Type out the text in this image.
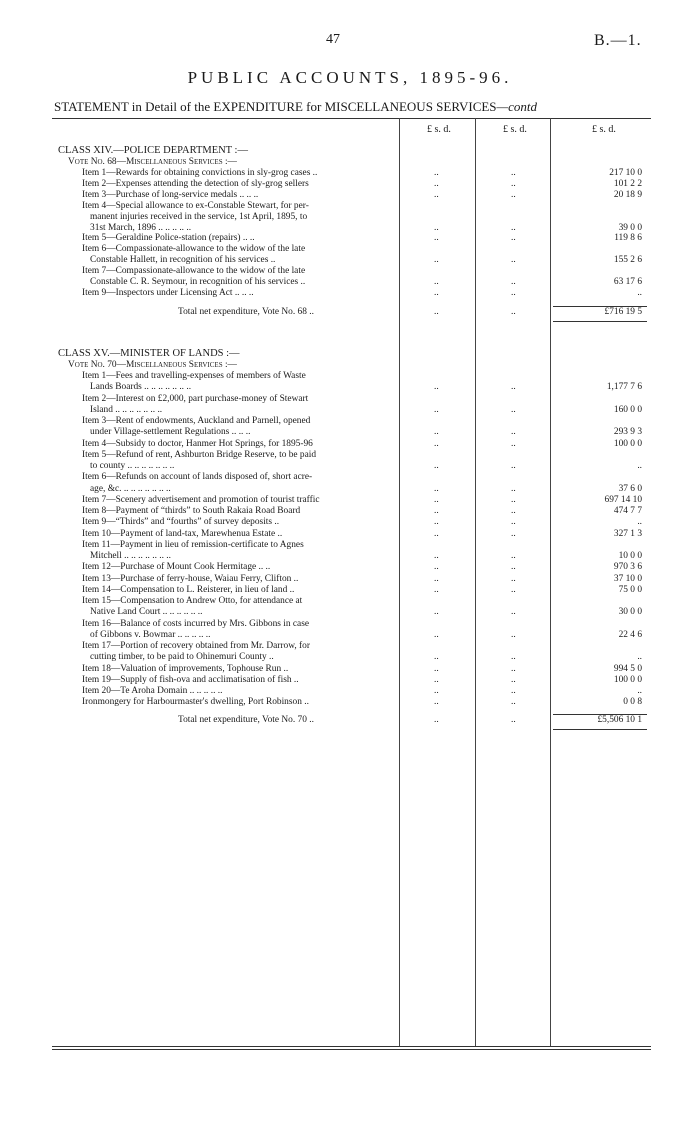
47	B.—1.
PUBLIC ACCOUNTS, 1895-96.
STATEMENT in Detail of the EXPENDITURE for MISCELLANEOUS SERVICES—contd
£ s. d.	£ s. d.	£ s. d.
CLASS XIV.—POLICE DEPARTMENT :—
Vote No. 68—Miscellaneous Services :—
Item 1—Rewards for obtaining convictions in sly-grog cases ..	..	..	217 10 0
Item 2—Expenses attending the detection of sly-grog sellers	..	..	101 2 2
Item 3—Purchase of long-service medals .. .. ..	..	..	20 18 9
Item 4—Special allowance to ex-Constable Stewart, for per-
manent injuries received in the service, 1st April, 1895, to
31st March, 1896 .. .. .. .. ..	..	..	39 0 0
Item 5—Geraldine Police-station (repairs) .. ..	..	..	119 8 6
Item 6—Compassionate-allowance to the widow of the late
Constable Hallett, in recognition of his services ..	..	..	155 2 6
Item 7—Compassionate-allowance to the widow of the late
Constable C. R. Seymour, in recognition of his services ..	..	..	63 17 6
Item 9—Inspectors under Licensing Act .. .. ..	..	..	..
Total net expenditure, Vote No. 68 ..	..	..	£716 19 5
CLASS XV.—MINISTER OF LANDS :—
Vote No. 70—Miscellaneous Services :—
Item 1—Fees and travelling-expenses of members of Waste
Lands Boards .. .. .. .. .. .. ..	..	..	1,177 7 6
Item 2—Interest on £2,000, part purchase-money of Stewart
Island .. .. .. .. .. .. ..	..	..	160 0 0
Item 3—Rent of endowments, Auckland and Parnell, opened
under Village-settlement Regulations .. .. ..	..	..	293 9 3
Item 4—Subsidy to doctor, Hanmer Hot Springs, for 1895-96	..	..	100 0 0
Item 5—Refund of rent, Ashburton Bridge Reserve, to be paid
to county .. .. .. .. .. .. ..	..	..	..
Item 6—Refunds on account of lands disposed of, short acre-
age, &c. .. .. .. .. .. .. ..	..	..	37 6 0
Item 7—Scenery advertisement and promotion of tourist traffic	..	..	697 14 10
Item 8—Payment of “thirds” to South Rakaia Road Board	..	..	474 7 7
Item 9—“Thirds” and “fourths” of survey deposits ..	..	..	..
Item 10—Payment of land-tax, Marewhenua Estate ..	..	..	327 1 3
Item 11—Payment in lieu of remission-certificate to Agnes
Mitchell .. .. .. .. .. .. ..	..	..	10 0 0
Item 12—Purchase of Mount Cook Hermitage .. ..	..	..	970 3 6
Item 13—Purchase of ferry-house, Waiau Ferry, Clifton ..	..	..	37 10 0
Item 14—Compensation to L. Reisterer, in lieu of land ..	..	..	75 0 0
Item 15—Compensation to Andrew Otto, for attendance at
Native Land Court .. .. .. .. .. ..	..	..	30 0 0
Item 16—Balance of costs incurred by Mrs. Gibbons in case
of Gibbons v. Bowmar .. .. .. .. ..	..	..	22 4 6
Item 17—Portion of recovery obtained from Mr. Darrow, for
cutting timber, to be paid to Ohinemuri County ..	..	..	..
Item 18—Valuation of improvements, Tophouse Run ..	..	..	994 5 0
Item 19—Supply of fish-ova and acclimatisation of fish ..	..	..	100 0 0
Item 20—Te Aroha Domain .. .. .. .. ..	..	..	..
Ironmongery for Harbourmaster's dwelling, Port Robinson ..	..	..	0 0 8
Total net expenditure, Vote No. 70 ..	..	..	£5,506 10 1
